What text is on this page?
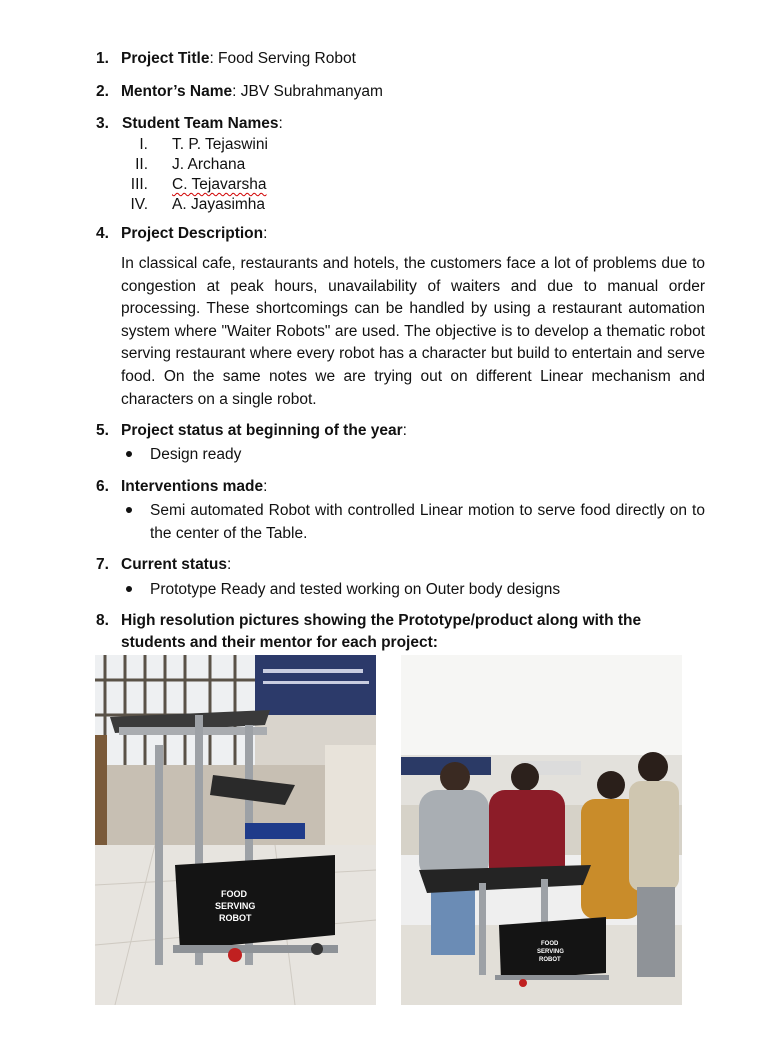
1. Project Title: Food Serving Robot
2. Mentor’s Name: JBV Subrahmanyam
3. Student Team Names:
I. T. P. Tejaswini
II. J. Archana
III. C. Tejavarsha
IV. A. Jayasimha
4. Project Description:

In classical cafe, restaurants and hotels, the customers face a lot of problems due to congestion at peak hours, unavailability of waiters and due to manual order processing. These shortcomings can be handled by using a restaurant automation system where "Waiter Robots" are used. The objective is to develop a thematic robot serving restaurant where every robot has a character but build to entertain and serve food. On the same notes we are trying out on different Linear mechanism and characters on a single robot.

5. Project status at beginning of the year:
Design ready
6. Interventions made:
Semi automated Robot with controlled Linear motion to serve food directly on to the center of the Table.
7. Current status:
Prototype Ready and tested working on Outer body designs
8. High resolution pictures showing the Prototype/product along with the
students and their mentor for each project:
FOOD
SERVING
ROBOT
FOOD
SERVING
ROBOT
